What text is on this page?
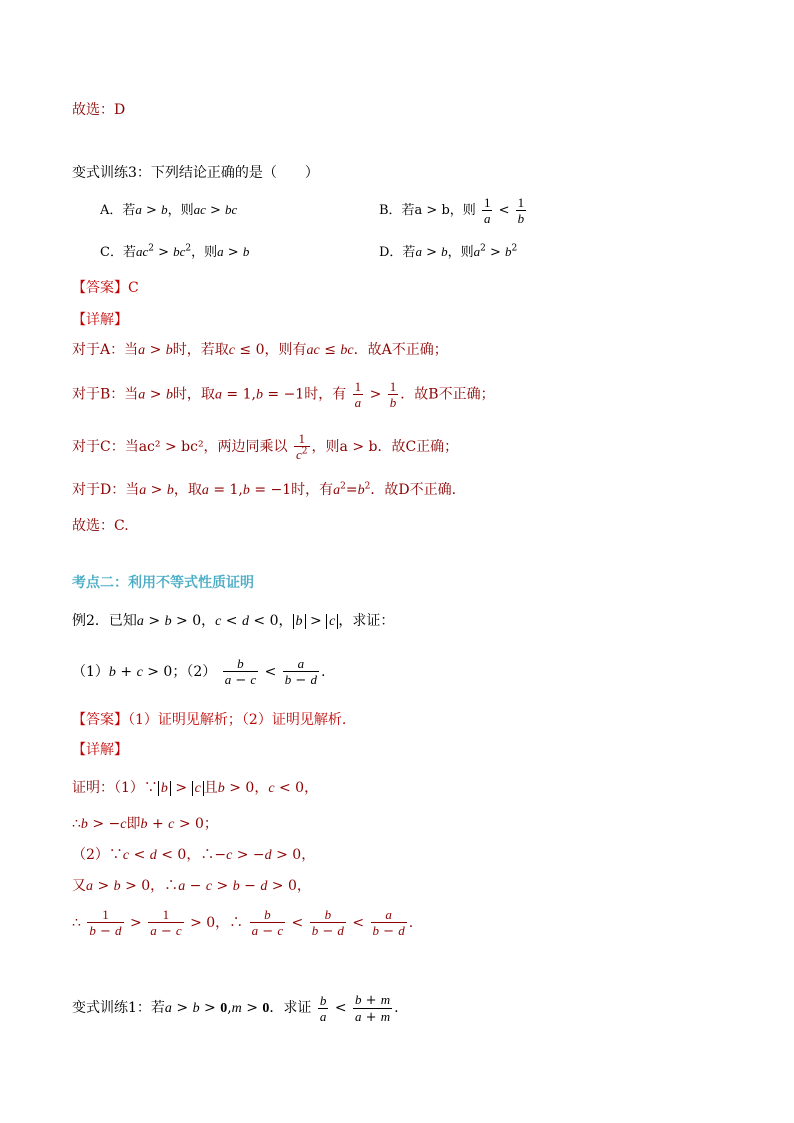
故选：D
变式训练3：下列结论正确的是（　　）
A．若a > b，则ac > bc	B．若a > b，则 $\frac{1}{a} < \frac{1}{b}$
C．若$ac^2 > bc^2$，则a > b	D．若a > b，则$a^2 > b^2$
【答案】C
【详解】
对于A：当a > b时，若取c ≤ 0，则有ac ≤ bc．故A不正确；
对于B：当a > b时，取a = 1,b = −1时，有 $\frac{1}{a} > \frac{1}{b}$ ．故B不正确；
对于C：当ac² > bc²，两边同乘以 $\frac{1}{c^2}$ ，则a > b．故C正确；
对于D：当a > b，取a = 1,b = −1时，有$a^2=b^2$．故D不正确.
故选：C.
考点二：利用不等式性质证明
例2．已知a > b > 0，c < d < 0， b > c ，求证：
（1）b + c > 0；$(2) \frac{b}{a - c} < \frac{a}{b - d}$ .
【答案】（1）证明见解析；（2）证明见解析.
【详解】
证明：（1）∵ b > c 且b > 0，c < 0，
∴b > −c即b + c > 0；
（2）∵c < d < 0，∴−c > −d > 0，
又a > b > 0，∴a − c > b − d > 0，
∴ $\frac{1}{b - d} > \frac{1}{a - c} > 0$，∴ $\frac{b}{a - c} < \frac{b}{b - d} < \frac{a}{b - d}$ .
变式训练1：若a > b > 0,m > 0．求证 $\frac{b}{a} < \frac{b + m}{a + m}$ .
